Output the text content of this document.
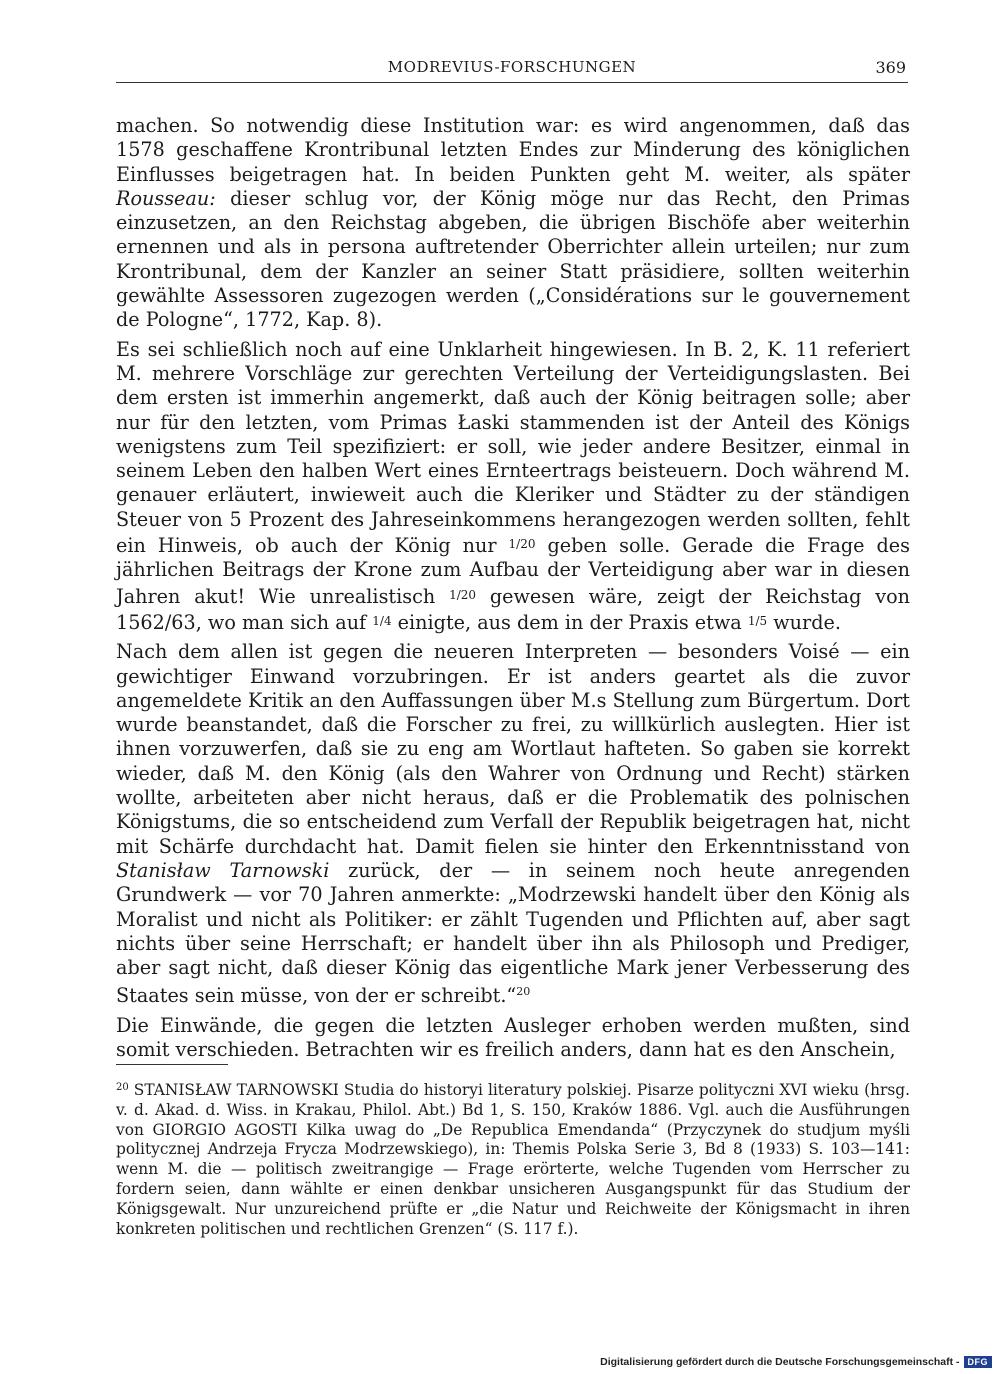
MODREVIUS-FORSCHUNGEN	369

machen. So notwendig diese Institution war: es wird angenommen, daß das 1578 geschaffene Krontribunal letzten Endes zur Minderung des königlichen Einflusses beigetragen hat. In beiden Punkten geht M. weiter, als später Rousseau: dieser schlug vor, der König möge nur das Recht, den Primas einzusetzen, an den Reichstag abgeben, die übrigen Bischöfe aber weiterhin ernennen und als in persona auftretender Oberrichter allein urteilen; nur zum Krontribunal, dem der Kanzler an seiner Statt präsidiere, sollten weiterhin gewählte Assessoren zugezogen werden („Considérations sur le gouvernement de Pologne“, 1772, Kap. 8).

Es sei schließlich noch auf eine Unklarheit hingewiesen. In B. 2, K. 11 referiert M. mehrere Vorschläge zur gerechten Verteilung der Verteidigungslasten. Bei dem ersten ist immerhin angemerkt, daß auch der König beitragen solle; aber nur für den letzten, vom Primas Łaski stammenden ist der Anteil des Königs wenigstens zum Teil spezifiziert: er soll, wie jeder andere Besitzer, einmal in seinem Leben den halben Wert eines Ernteertrags beisteuern. Doch während M. genauer erläutert, inwieweit auch die Kleriker und Städter zu der ständigen Steuer von 5 Prozent des Jahreseinkommens herangezogen werden sollten, fehlt ein Hinweis, ob auch der König nur $^{1/20}$ geben solle. Gerade die Frage des jährlichen Beitrags der Krone zum Aufbau der Verteidigung aber war in diesen Jahren akut! Wie unrealistisch $^{1/20}$ gewesen wäre, zeigt der Reichstag von 1562/63, wo man sich auf $^{1/4}$ einigte, aus dem in der Praxis etwa $^{1/5}$ wurde.

Nach dem allen ist gegen die neueren Interpreten — besonders Voisé — ein gewichtiger Einwand vorzubringen. Er ist anders geartet als die zuvor angemeldete Kritik an den Auffassungen über M.s Stellung zum Bürgertum. Dort wurde beanstandet, daß die Forscher zu frei, zu willkürlich auslegten. Hier ist ihnen vorzuwerfen, daß sie zu eng am Wortlaut hafteten. So gaben sie korrekt wieder, daß M. den König (als den Wahrer von Ordnung und Recht) stärken wollte, arbeiteten aber nicht heraus, daß er die Problematik des polnischen Königstums, die so entscheidend zum Verfall der Republik beigetragen hat, nicht mit Schärfe durchdacht hat. Damit fielen sie hinter den Erkenntnisstand von Stanisław Tarnowski zurück, der — in seinem noch heute anregenden Grundwerk — vor 70 Jahren anmerkte: „Modrzewski handelt über den König als Moralist und nicht als Politiker: er zählt Tugenden und Pflichten auf, aber sagt nichts über seine Herrschaft; er handelt über ihn als Philosoph und Prediger, aber sagt nicht, daß dieser König das eigentliche Mark jener Verbesserung des Staates sein müsse, von der er schreibt.“$^{20}$

Die Einwände, die gegen die letzten Ausleger erhoben werden mußten, sind somit verschieden. Betrachten wir es freilich anders, dann hat es den Anschein,

$^{20}$ STANISŁAW TARNOWSKI Studia do historyi literatury polskiej. Pisarze polityczni XVI wieku (hrsg. v. d. Akad. d. Wiss. in Krakau, Philol. Abt.) Bd 1, S. 150, Kraków 1886. Vgl. auch die Ausführungen von GIORGIO AGOSTI Kilka uwag do „De Republica Emendanda“ (Przyczynek do studjum myśli politycznej Andrzeja Frycza Modrzewskiego), in: Themis Polska Serie 3, Bd 8 (1933) S. 103—141: wenn M. die — politisch zweitrangige — Frage erörterte, welche Tugenden vom Herrscher zu fordern seien, dann wählte er einen denkbar unsicheren Ausgangspunkt für das Studium der Königsgewalt. Nur unzureichend prüfte er „die Natur und Reichweite der Königsmacht in ihren konkreten politischen und rechtlichen Grenzen“ (S. 117 f.).
Digitalisierung gefördert durch die Deutsche Forschungsgemeinschaft - DFG
